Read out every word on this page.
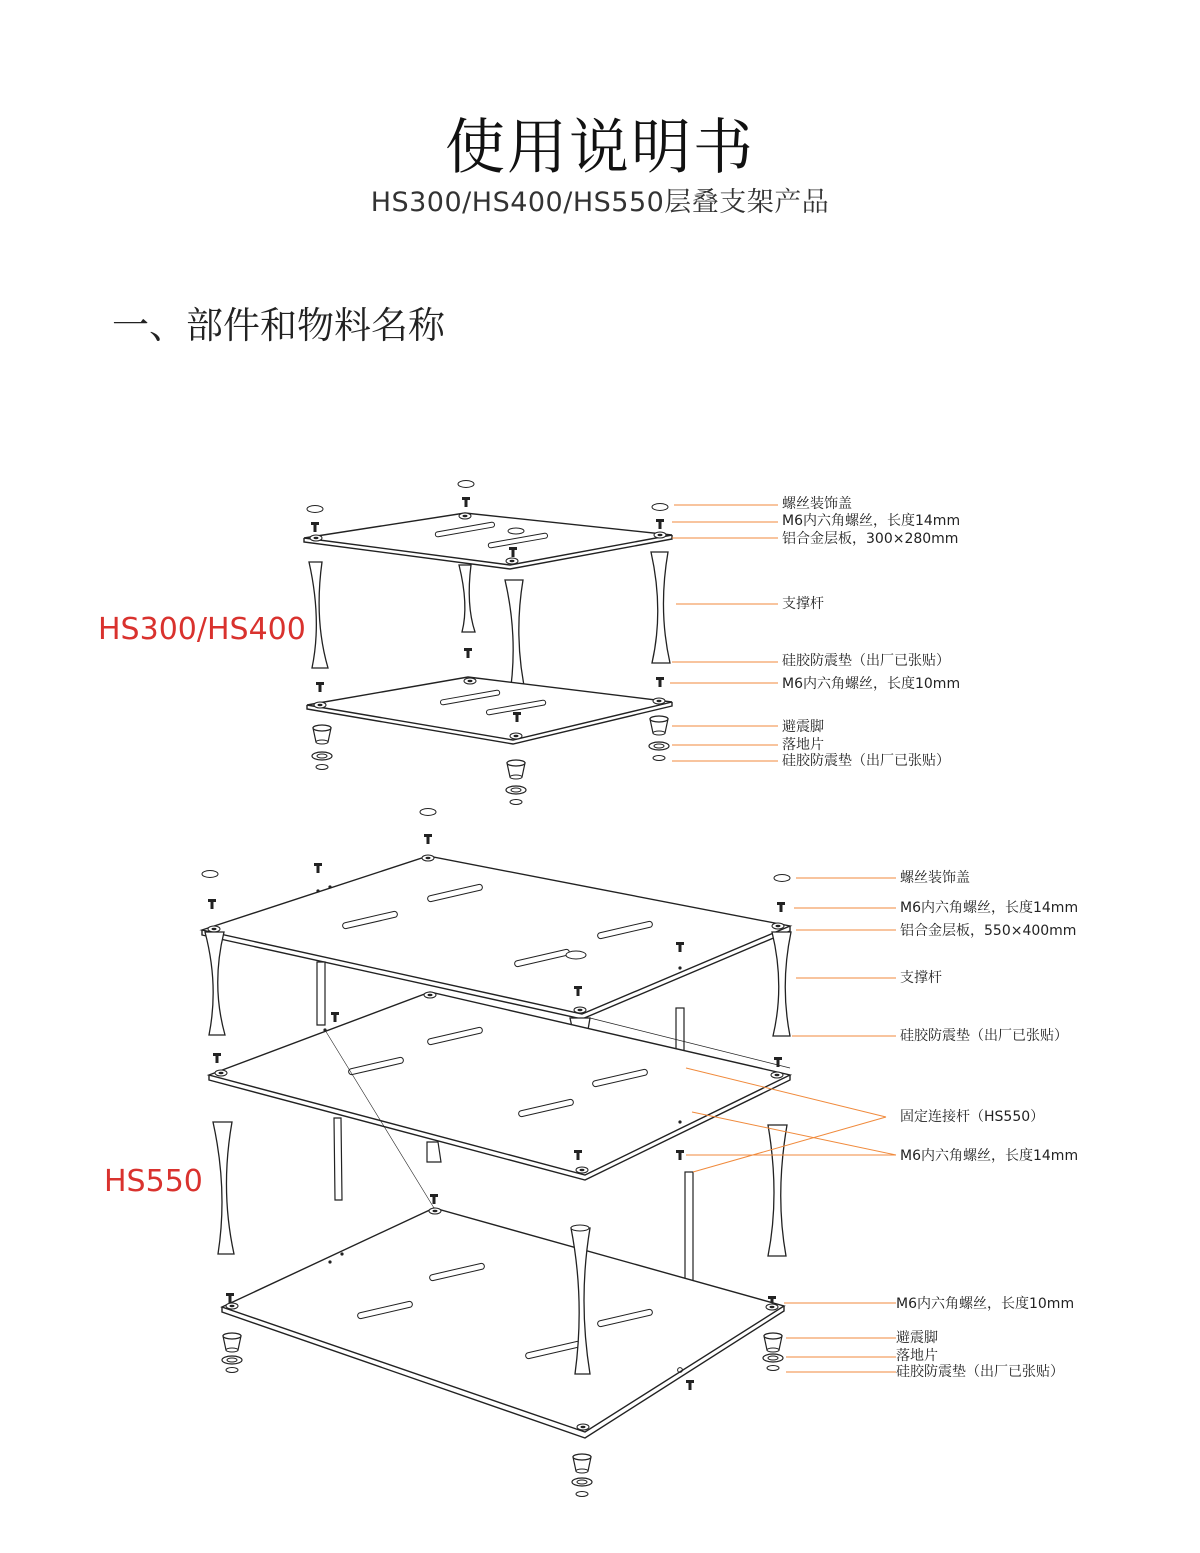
使用说明书
HS300/HS400/HS550层叠支架产品
一、部件和物料名称
HS300/HS400
HS550
螺丝装饰盖
M6内六角螺丝，长度14mm
铝合金层板，300×280mm
支撑杆
硅胶防震垫（出厂已张贴）
M6内六角螺丝，长度10mm
避震脚
落地片
硅胶防震垫（出厂已张贴）
螺丝装饰盖
M6内六角螺丝，长度14mm
铝合金层板，550×400mm
支撑杆
硅胶防震垫（出厂已张贴）
固定连接杆（HS550）
M6内六角螺丝，长度14mm
M6内六角螺丝，长度10mm
避震脚
落地片
硅胶防震垫（出厂已张贴）
